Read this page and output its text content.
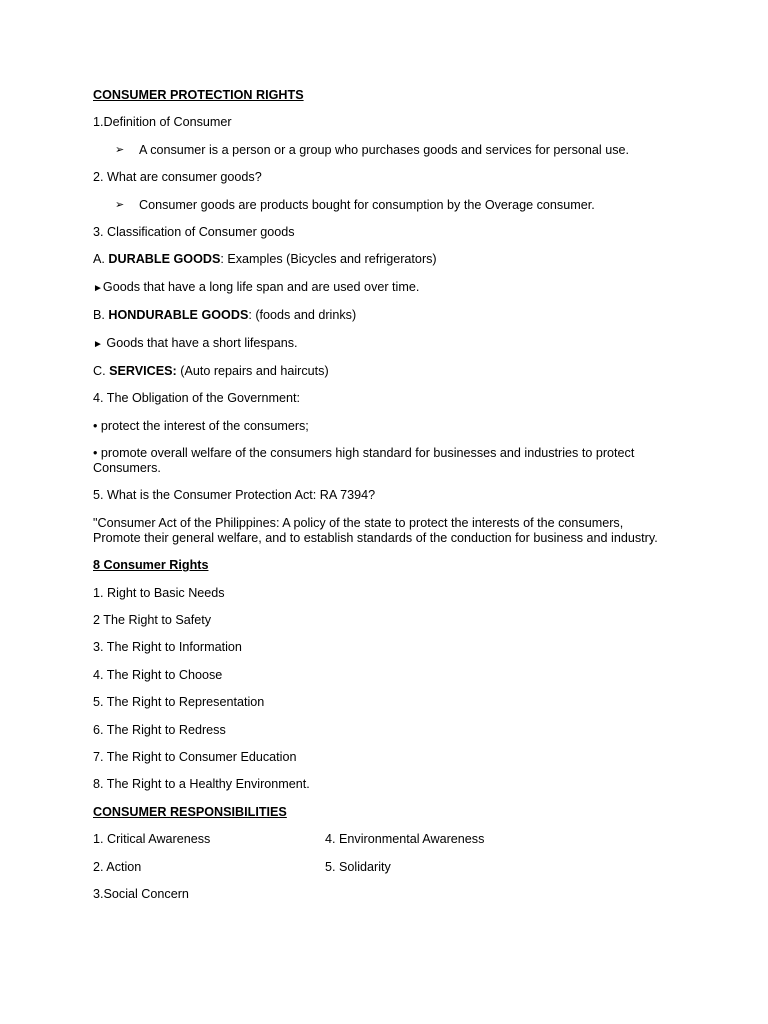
CONSUMER PROTECTION RIGHTS

1.Definition of Consumer

➢ A consumer is a person or a group who purchases goods and services for personal use.

2. What are consumer goods?

➢ Consumer goods are products bought for consumption by the Overage consumer.

3. Classification of Consumer goods

A. DURABLE GOODS: Examples (Bicycles and refrigerators)

►Goods that have a long life span and are used over time.

B. HONDURABLE GOODS: (foods and drinks)

► Goods that have a short lifespans.

C. SERVICES: (Auto repairs and haircuts)

4. The Obligation of the Government:

• protect the interest of the consumers;

• promote overall welfare of the consumers high standard for businesses and industries to protect Consumers.

5. What is the Consumer Protection Act: RA 7394?

"Consumer Act of the Philippines: A policy of the state to protect the interests of the consumers, Promote their general welfare, and to establish standards of the conduction for business and industry.

8 Consumer Rights

1. Right to Basic Needs

2 The Right to Safety

3. The Right to Information

4. The Right to Choose

5. The Right to Representation

6. The Right to Redress

7. The Right to Consumer Education

8. The Right to a Healthy Environment.

CONSUMER RESPONSIBILITIES

1. Critical Awareness	4. Environmental Awareness
2. Action	5. Solidarity

3.Social Concern
